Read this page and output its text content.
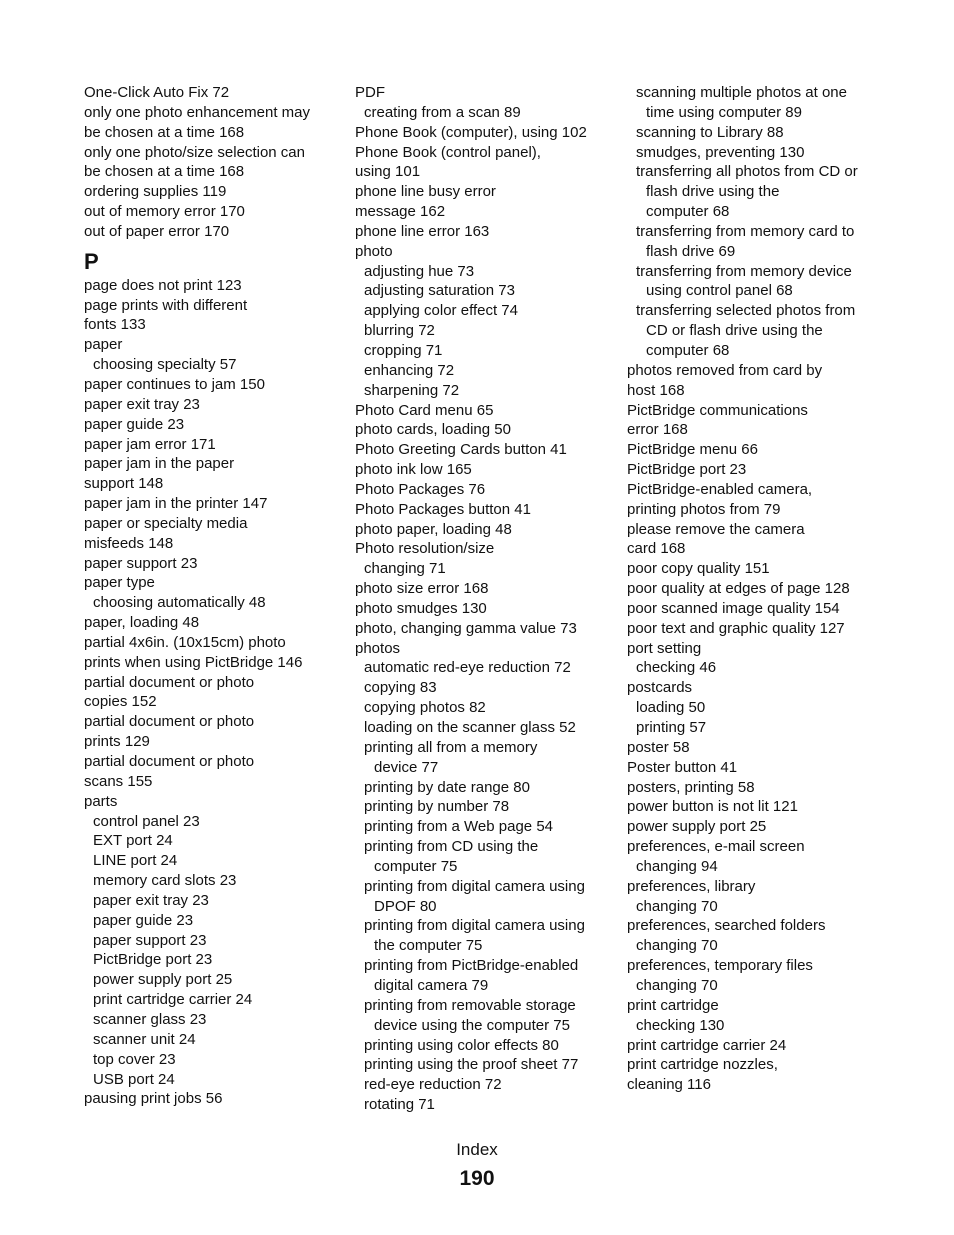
One-Click Auto Fix 72
only one photo enhancement may
be chosen at a time 168
only one photo/size selection can
be chosen at a time 168
ordering supplies 119
out of memory error 170
out of paper error 170
P
page does not print 123
page prints with different
fonts 133
paper
choosing specialty 57
paper continues to jam 150
paper exit tray 23
paper guide 23
paper jam error 171
paper jam in the paper
support 148
paper jam in the printer 147
paper or specialty media
misfeeds 148
paper support 23
paper type
choosing automatically 48
paper, loading 48
partial 4x6in. (10x15cm) photo
prints when using PictBridge 146
partial document or photo
copies 152
partial document or photo
prints 129
partial document or photo
scans 155
parts
control panel 23
EXT port 24
LINE port 24
memory card slots 23
paper exit tray 23
paper guide 23
paper support 23
PictBridge port 23
power supply port 25
print cartridge carrier 24
scanner glass 23
scanner unit 24
top cover 23
USB port 24
pausing print jobs 56
PDF
creating from a scan 89
Phone Book (computer), using 102
Phone Book (control panel),
using 101
phone line busy error
message 162
phone line error 163
photo
adjusting hue 73
adjusting saturation 73
applying color effect 74
blurring 72
cropping 71
enhancing 72
sharpening 72
Photo Card menu 65
photo cards, loading 50
Photo Greeting Cards button 41
photo ink low 165
Photo Packages 76
Photo Packages button 41
photo paper, loading 48
Photo resolution/size
changing 71
photo size error 168
photo smudges 130
photo, changing gamma value 73
photos
automatic red-eye reduction 72
copying 83
copying photos 82
loading on the scanner glass 52
printing all from a memory
device 77
printing by date range 80
printing by number 78
printing from a Web page 54
printing from CD using the
computer 75
printing from digital camera using
DPOF 80
printing from digital camera using
the computer 75
printing from PictBridge-enabled
digital camera 79
printing from removable storage
device using the computer 75
printing using color effects 80
printing using the proof sheet 77
red-eye reduction 72
rotating 71
scanning multiple photos at one
time using computer 89
scanning to Library 88
smudges, preventing 130
transferring all photos from CD or
flash drive using the
computer 68
transferring from memory card to
flash drive 69
transferring from memory device
using control panel 68
transferring selected photos from
CD or flash drive using the
computer 68
photos removed from card by
host 168
PictBridge communications
error 168
PictBridge menu 66
PictBridge port 23
PictBridge-enabled camera,
printing photos from 79
please remove the camera
card 168
poor copy quality 151
poor quality at edges of page 128
poor scanned image quality 154
poor text and graphic quality 127
port setting
checking 46
postcards
loading 50
printing 57
poster 58
Poster button 41
posters, printing 58
power button is not lit 121
power supply port 25
preferences, e-mail screen
changing 94
preferences, library
changing 70
preferences, searched folders
changing 70
preferences, temporary files
changing 70
print cartridge
checking 130
print cartridge carrier 24
print cartridge nozzles,
cleaning 116
Index
190
